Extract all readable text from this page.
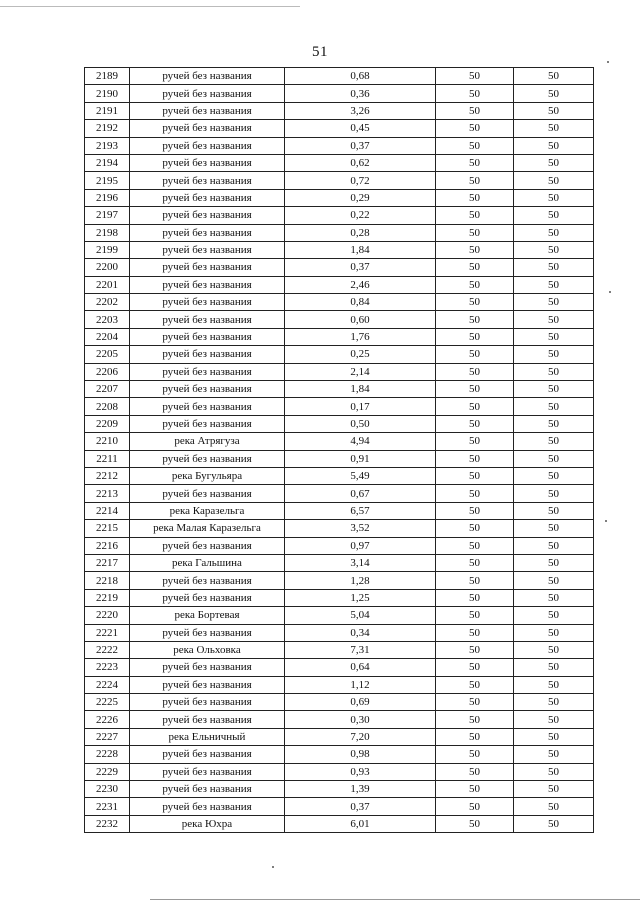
51
2189	ручей без названия	0,68	50	50
2190	ручей без названия	0,36	50	50
2191	ручей без названия	3,26	50	50
2192	ручей без названия	0,45	50	50
2193	ручей без названия	0,37	50	50
2194	ручей без названия	0,62	50	50
2195	ручей без названия	0,72	50	50
2196	ручей без названия	0,29	50	50
2197	ручей без названия	0,22	50	50
2198	ручей без названия	0,28	50	50
2199	ручей без названия	1,84	50	50
2200	ручей без названия	0,37	50	50
2201	ручей без названия	2,46	50	50
2202	ручей без названия	0,84	50	50
2203	ручей без названия	0,60	50	50
2204	ручей без названия	1,76	50	50
2205	ручей без названия	0,25	50	50
2206	ручей без названия	2,14	50	50
2207	ручей без названия	1,84	50	50
2208	ручей без названия	0,17	50	50
2209	ручей без названия	0,50	50	50
2210	река Атрягуза	4,94	50	50
2211	ручей без названия	0,91	50	50
2212	река Бугульяра	5,49	50	50
2213	ручей без названия	0,67	50	50
2214	река Каразельга	6,57	50	50
2215	река Малая Каразельга	3,52	50	50
2216	ручей без названия	0,97	50	50
2217	река Гальшина	3,14	50	50
2218	ручей без названия	1,28	50	50
2219	ручей без названия	1,25	50	50
2220	река Бортевая	5,04	50	50
2221	ручей без названия	0,34	50	50
2222	река Ольховка	7,31	50	50
2223	ручей без названия	0,64	50	50
2224	ручей без названия	1,12	50	50
2225	ручей без названия	0,69	50	50
2226	ручей без названия	0,30	50	50
2227	река Ельничный	7,20	50	50
2228	ручей без названия	0,98	50	50
2229	ручей без названия	0,93	50	50
2230	ручей без названия	1,39	50	50
2231	ручей без названия	0,37	50	50
2232	река Юхра	6,01	50	50
